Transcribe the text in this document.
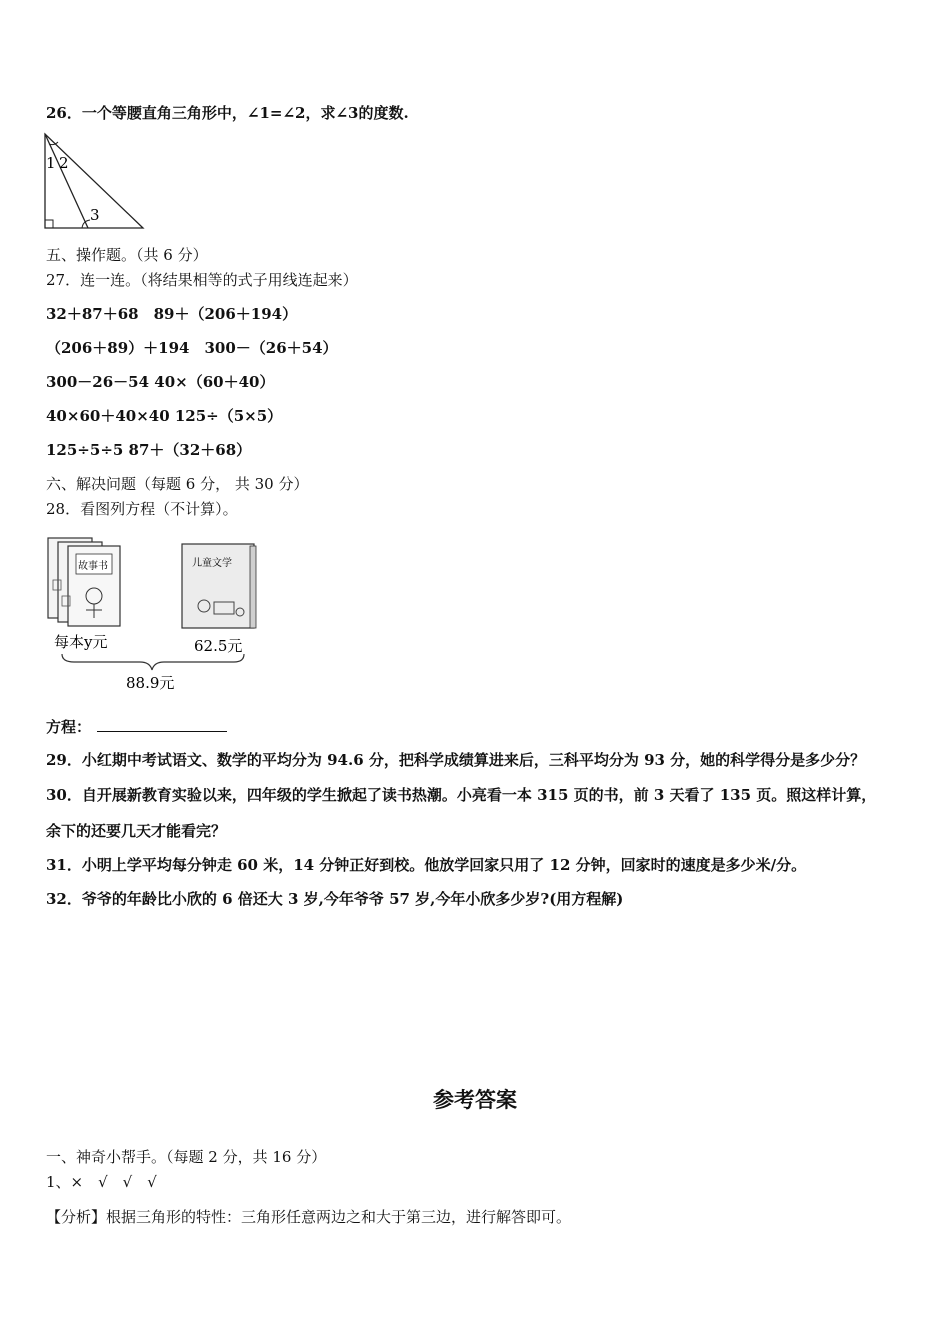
26．一个等腰直角三角形中，∠1=∠2，求∠3的度数.
1 2
3
五、操作题。（共 6 分）
27．连一连。（将结果相等的式子用线连起来）
32＋87＋68　89＋（206＋194）
（206＋89）＋194　300－（26＋54）
300－26－54 40×（60＋40）
40×60＋40×40 125÷（5×5）
125÷5÷5 87＋（32＋68）
六、解决问题（每题 6 分， 共 30 分）
28．看图列方程（不计算）。
故事书	儿童文学
每本y元	62.5元
88.9元
方程：
29．小红期中考试语文、数学的平均分为 94.6 分，把科学成绩算进来后，三科平均分为 93 分，她的科学得分是多少分？
30．自开展新教育实验以来，四年级的学生掀起了读书热潮。小亮看一本 315 页的书，前 3 天看了 135 页。照这样计算，
余下的还要几天才能看完？
31．小明上学平均每分钟走 60 米，14 分钟正好到校。他放学回家只用了 12 分钟，回家时的速度是多少米/分。
32．爷爷的年龄比小欣的 6 倍还大 3 岁,今年爷爷 57 岁,今年小欣多少岁?(用方程解)
参考答案
一、神奇小帮手。（每题 2 分，共 16 分）
1、×　√　√　√
【分析】根据三角形的特性：三角形任意两边之和大于第三边，进行解答即可。
